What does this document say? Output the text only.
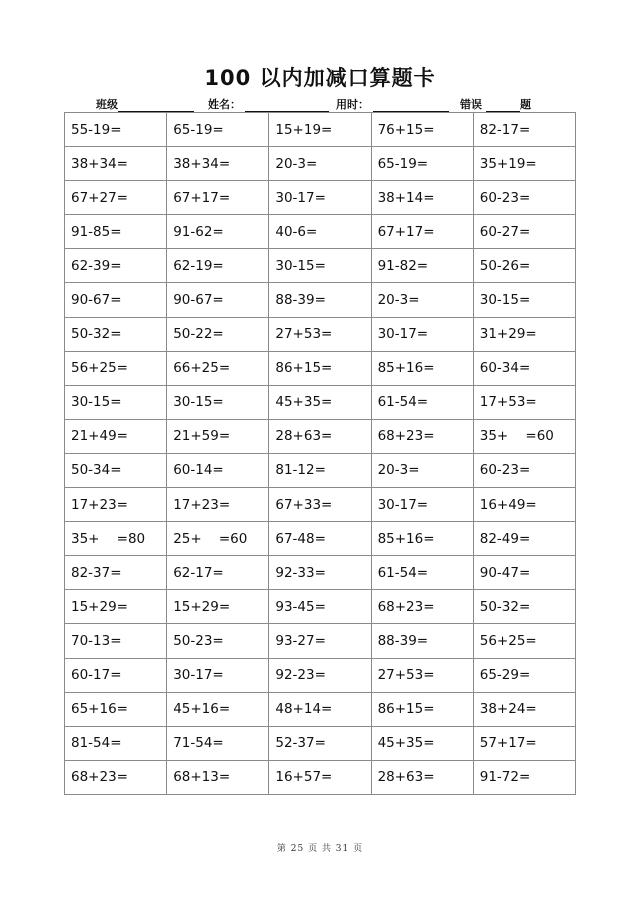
100 以内加减口算题卡
班级	姓名：	用时：	错误	题
55-19=	65-19=	15+19=	76+15=	82-17=
38+34=	38+34=	20-3=	65-19=	35+19=
67+27=	67+17=	30-17=	38+14=	60-23=
91-85=	91-62=	40-6=	67+17=	60-27=
62-39=	62-19=	30-15=	91-82=	50-26=
90-67=	90-67=	88-39=	20-3=	30-15=
50-32=	50-22=	27+53=	30-17=	31+29=
56+25=	66+25=	86+15=	85+16=	60-34=
30-15=	30-15=	45+35=	61-54=	17+53=
21+49=	21+59=	28+63=	68+23=	35+    =60
50-34=	60-14=	81-12=	20-3=	60-23=
17+23=	17+23=	67+33=	30-17=	16+49=
35+    =80	25+    =60	67-48=	85+16=	82-49=
82-37=	62-17=	92-33=	61-54=	90-47=
15+29=	15+29=	93-45=	68+23=	50-32=
70-13=	50-23=	93-27=	88-39=	56+25=
60-17=	30-17=	92-23=	27+53=	65-29=
65+16=	45+16=	48+14=	86+15=	38+24=
81-54=	71-54=	52-37=	45+35=	57+17=
68+23=	68+13=	16+57=	28+63=	91-72=
第 25 页 共 31 页
